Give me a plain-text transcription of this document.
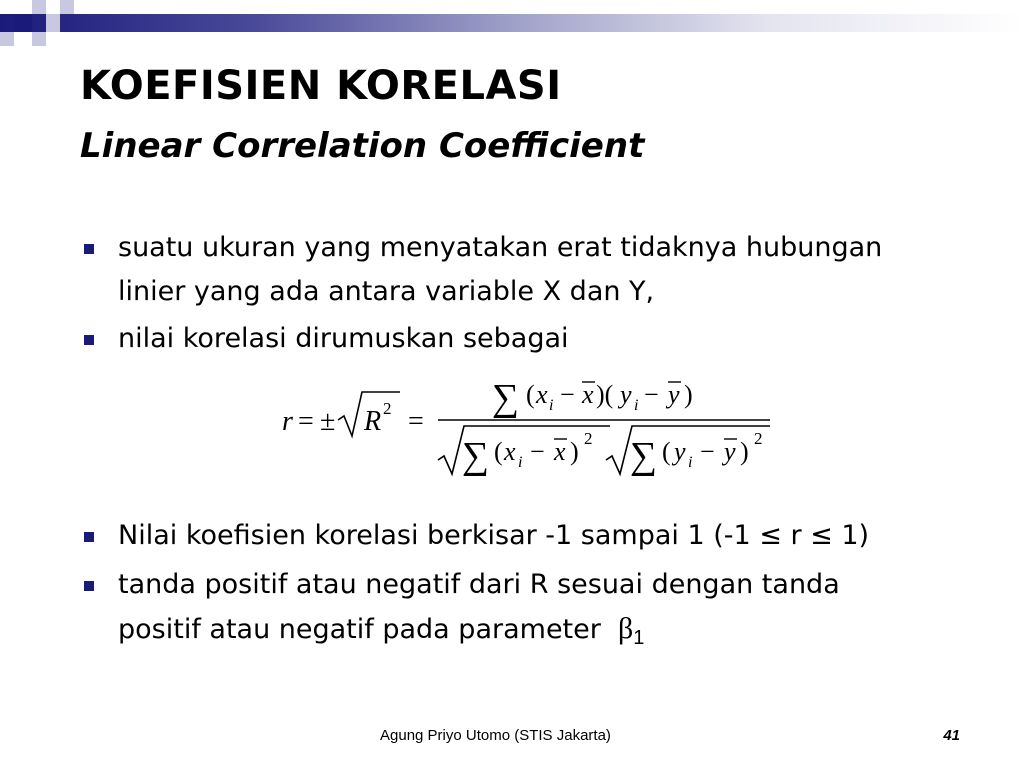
KOEFISIEN KORELASI
Linear Correlation Coefficient
suatu ukuran yang menyatakan erat tidaknya hubungan
linier yang ada antara variable X dan Y,
nilai korelasi dirumuskan sebagai
r = ± R 2 =
∑ ( x i − x )( y i − y )
∑ ( x i − x ) 2 ∑ ( y i − y ) 2
Nilai koefisien korelasi berkisar -1 sampai 1 (-1 ≤ r ≤ 1)
tanda positif atau negatif dari R sesuai dengan tanda
positif atau negatif pada parameter $\beta_1$
Agung Priyo Utomo (STIS Jakarta)	41
